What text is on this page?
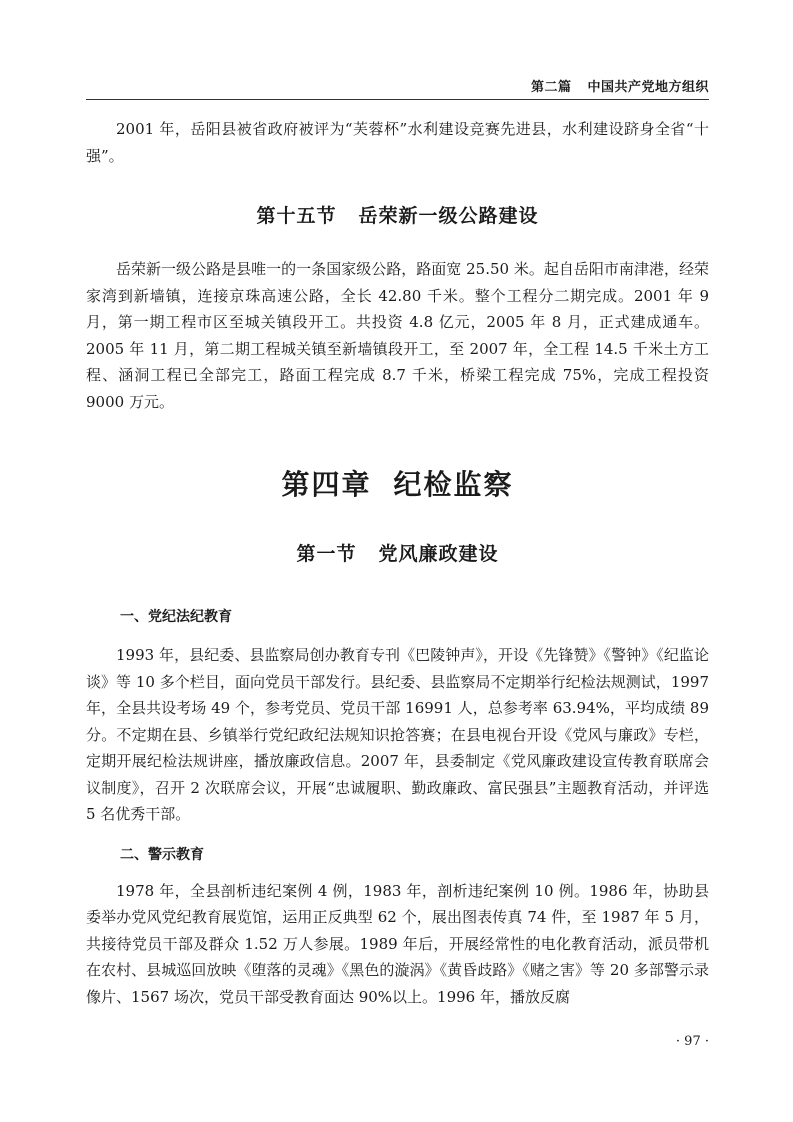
第二篇 中国共产党地方组织

2001 年，岳阳县被省政府被评为“芙蓉杯”水利建设竞赛先进县，水利建设跻身全省“十强”。

第十五节 岳荣新一级公路建设

岳荣新一级公路是县唯一的一条国家级公路，路面宽 25.50 米。起自岳阳市南津港，经荣家湾到新墙镇，连接京珠高速公路，全长 42.80 千米。整个工程分二期完成。2001 年 9 月，第一期工程市区至城关镇段开工。共投资 4.8 亿元，2005 年 8 月，正式建成通车。2005 年 11 月，第二期工程城关镇至新墙镇段开工，至 2007 年，全工程 14.5 千米土方工程、涵洞工程已全部完工，路面工程完成 8.7 千米，桥梁工程完成 75%，完成工程投资 9000 万元。

第四章 纪检监察
第一节 党风廉政建设
一、党纪法纪教育

1993 年，县纪委、县监察局创办教育专刊《巴陵钟声》，开设《先锋赞》《警钟》《纪监论谈》等 10 多个栏目，面向党员干部发行。县纪委、县监察局不定期举行纪检法规测试，1997 年，全县共设考场 49 个，参考党员、党员干部 16991 人，总参考率 63.94%，平均成绩 89 分。不定期在县、乡镇举行党纪政纪法规知识抢答赛；在县电视台开设《党风与廉政》专栏，定期开展纪检法规讲座，播放廉政信息。2007 年，县委制定《党风廉政建设宣传教育联席会议制度》，召开 2 次联席会议，开展“忠诚履职、勤政廉政、富民强县”主题教育活动，并评选 5 名优秀干部。

二、警示教育

1978 年，全县剖析违纪案例 4 例，1983 年，剖析违纪案例 10 例。1986 年，协助县委举办党风党纪教育展览馆，运用正反典型 62 个，展出图表传真 74 件，至 1987 年 5 月，共接待党员干部及群众 1.52 万人参展。1989 年后，开展经常性的电化教育活动，派员带机在农村、县城巡回放映《堕落的灵魂》《黑色的漩涡》《黄昏歧路》《赌之害》等 20 多部警示录像片、1567 场次，党员干部受教育面达 90%以上。1996 年，播放反腐

· 97 ·
